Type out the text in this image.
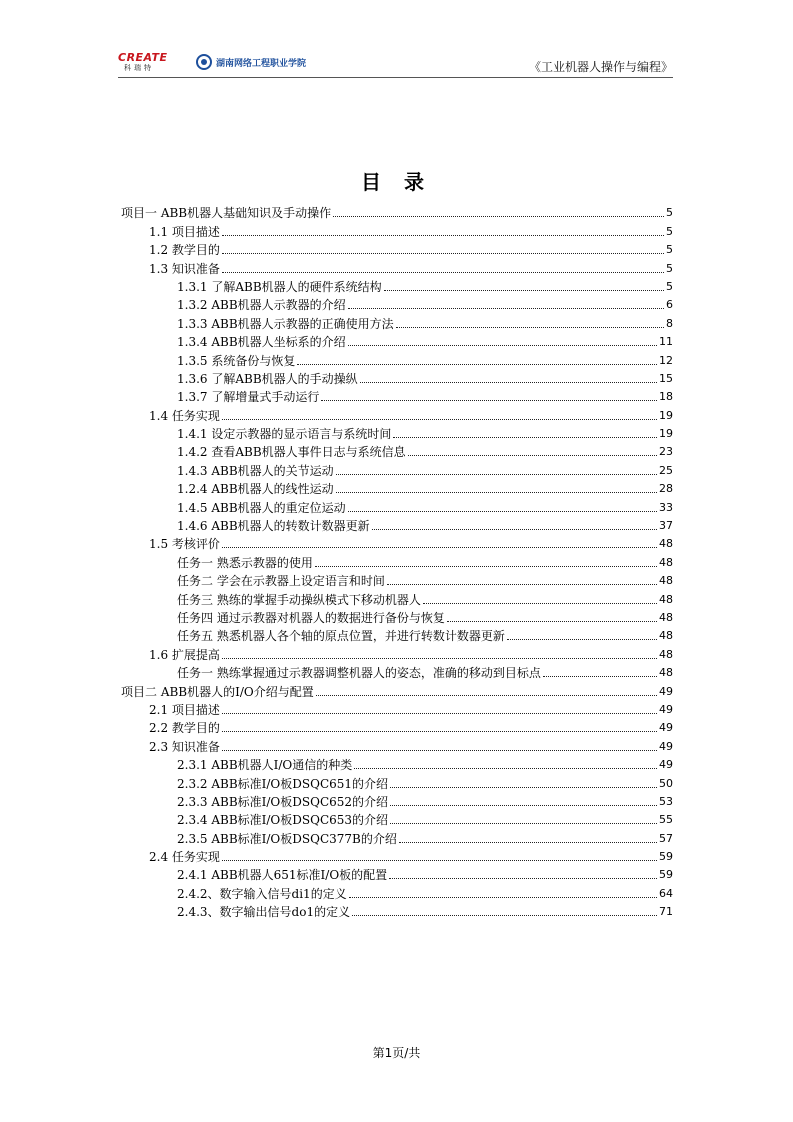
CREATE
科瑞特	湖南网络工程职业学院	《工业机器人操作与编程》
目 录
项目一 ABB机器人基础知识及手动操作	5
1.1 项目描述	5
1.2 教学目的	5
1.3 知识准备	5
1.3.1 了解ABB机器人的硬件系统结构	5
1.3.2 ABB机器人示教器的介绍	6
1.3.3 ABB机器人示教器的正确使用方法	8
1.3.4 ABB机器人坐标系的介绍	11
1.3.5 系统备份与恢复	12
1.3.6 了解ABB机器人的手动操纵	15
1.3.7 了解增量式手动运行	18
1.4 任务实现	19
1.4.1 设定示教器的显示语言与系统时间	19
1.4.2 查看ABB机器人事件日志与系统信息	23
1.4.3 ABB机器人的关节运动	25
1.2.4 ABB机器人的线性运动	28
1.4.5 ABB机器人的重定位运动	33
1.4.6 ABB机器人的转数计数器更新	37
1.5 考核评价	48
任务一 熟悉示教器的使用	48
任务二 学会在示教器上设定语言和时间	48
任务三 熟练的掌握手动操纵模式下移动机器人	48
任务四 通过示教器对机器人的数据进行备份与恢复	48
任务五 熟悉机器人各个轴的原点位置，并进行转数计数器更新	48
1.6 扩展提高	48
任务一 熟练掌握通过示教器调整机器人的姿态，准确的移动到目标点	48
项目二 ABB机器人的I/O介绍与配置	49
2.1 项目描述	49
2.2 教学目的	49
2.3 知识准备	49
2.3.1 ABB机器人I/O通信的种类	49
2.3.2 ABB标准I/O板DSQC651的介绍	50
2.3.3 ABB标准I/O板DSQC652的介绍	53
2.3.4 ABB标准I/O板DSQC653的介绍	55
2.3.5 ABB标准I/O板DSQC377B的介绍	57
2.4 任务实现	59
2.4.1 ABB机器人651标准I/O板的配置	59
2.4.2、数字输入信号di1的定义	64
2.4.3、数字输出信号do1的定义	71
第1页/共
